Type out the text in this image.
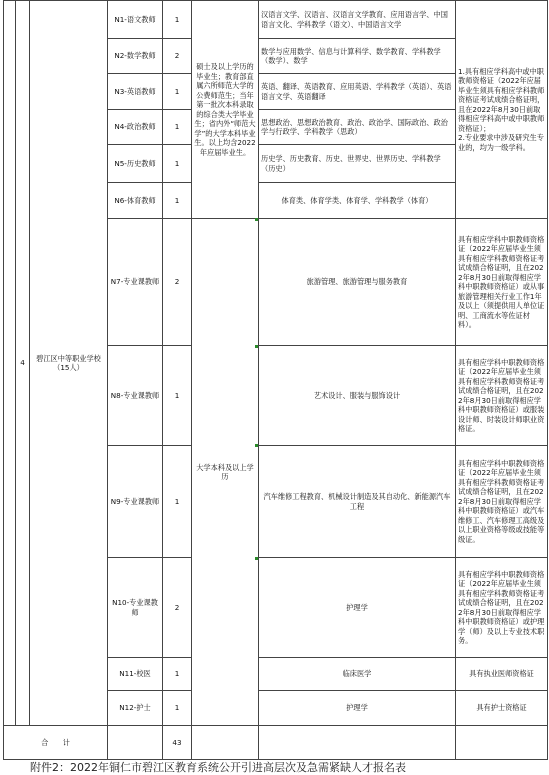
	4	碧江区中等职业学校（15人）	N1-语文教师	1	硕士及以上学历的毕业生；教育部直属六所师范大学的公费师范生；当年第一批次本科录取的综合类大学毕业生；省内外“师范大学”的大学本科毕业生。以上均含2022年应届毕业生。	汉语言文学、汉语言、汉语言文学教育、应用语言学、中国语言文化、学科教学（语文）、中国语言文学	1.具有相应学科高中或中职教师资格证（2022年应届毕业生须具有相应学科教师资格证考试成绩合格证明，且在2022年8月30日前取得相应学科高中或中职教师资格证）；
2.专业要求中涉及研究生专业的，均为一级学科。
			N2-数学教师	2		数学与应用数学、信息与计算科学、数学教育、学科教学（数学）、数学	
			N3-英语教师	1		英语、翻译、英语教育、应用英语、学科教学（英语）、英语语言文学、英语翻译	
			N4-政治教师	1		思想政治、思想政治教育、政治、政治学、国际政治、政治学与行政学、学科教学（思政）	
			N5-历史教师	1		历史学、历史教育、历史、世界史、世界历史、学科教学（历史）	
			N6-体育教师	1		体育类、体育学类、体育学、学科教学（体育）	
			N7-专业课教师	2	大学本科及以上学历	旅游管理、旅游管理与服务教育	具有相应学科中职教师资格证（2022年应届毕业生须具有相应学科教师资格证考试成绩合格证明，且在2022年8月30日前取得相应学科中职教师资格证）或从事旅游管理相关行业工作1年及以上（须提供用人单位证明、工商流水等佐证材料）。
			N8-专业课教师	1		艺术设计、服装与服饰设计	具有相应学科中职教师资格证（2022年应届毕业生须具有相应学科教师资格证考试成绩合格证明，且在2022年8月30日前取得相应学科中职教师资格证）或服装设计师、时装设计师职业资格证。
			N9-专业课教师	1		汽车维修工程教育、机械设计制造及其自动化、新能源汽车工程	具有相应学科中职教师资格证（2022年应届毕业生须具有相应学科教师资格证考试成绩合格证明，且在2022年8月30日前取得相应学科中职教师资格证）或汽车维修工、汽车修理工高级及以上职业资格等级或技能等级证。
			N10-专业课教师	2		护理学	具有相应学科中职教师资格证（2022年应届毕业生须具有相应学科教师资格证考试成绩合格证明，且在2022年8月30日前取得相应学科中职教师资格证）或护理学（师）及以上专业技术职务。
			N11-校医	1		临床医学	具有执业医师资格证
			N12-护士	1		护理学	具有护士资格证
合　　计				43			
附件2：2022年铜仁市碧江区教育系统公开引进高层次及急需紧缺人才报名表
